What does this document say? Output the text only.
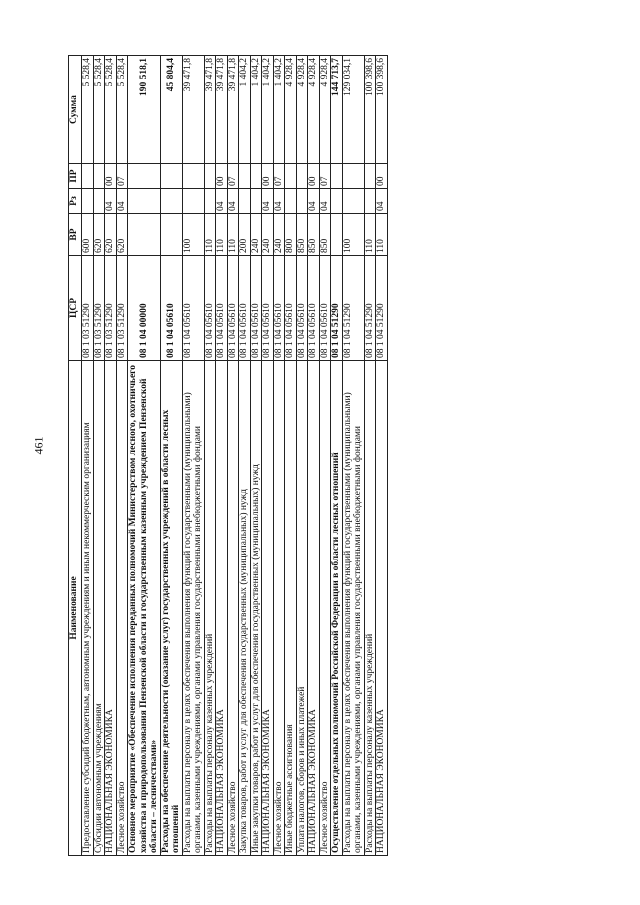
461
Наименование	ЦСР	ВР	Рз	ПР	Сумма
Предоставление субсидий бюджетным, автономным учреждениям и иным некоммерческим организациям	08 1 03 51290	600			5 528,4
Субсидии автономным учреждениям	08 1 03 51290	620			5 528,4
НАЦИОНАЛЬНАЯ ЭКОНОМИКА	08 1 03 51290	620	04	00	5 528,4
Лесное хозяйство	08 1 03 51290	620	04	07	5 528,4
Основное мероприятие «Обеспечение исполнения переданных полномочий Министерством лесного, охотничьего хозяйства и природопользования Пензенской области и государственным казенным учреждением Пензенской области – лесничествами»	08 1 04 00000				190 518,1
Расходы на обеспечение деятельности (оказание услуг) государственных учреждений в области лесных отношений	08 1 04 05610				45 804,4
Расходы на выплаты персоналу в целях обеспечения выполнения функций государственными (муниципальными) органами, казенными учреждениями, органами управления государственными внебюджетными фондами	08 1 04 05610	100			39 471,8
Расходы на выплаты персоналу казенных учреждений	08 1 04 05610	110			39 471,8
НАЦИОНАЛЬНАЯ ЭКОНОМИКА	08 1 04 05610	110	04	00	39 471,8
Лесное хозяйство	08 1 04 05610	110	04	07	39 471,8
Закупка товаров, работ и услуг для обеспечения государственных (муниципальных) нужд	08 1 04 05610	200			1 404,2
Иные закупки товаров, работ и услуг для обеспечения государственных (муниципальных) нужд	08 1 04 05610	240			1 404,2
НАЦИОНАЛЬНАЯ ЭКОНОМИКА	08 1 04 05610	240	04	00	1 404,2
Лесное хозяйство	08 1 04 05610	240	04	07	1 404,2
Иные бюджетные ассигнования	08 1 04 05610	800			4 928,4
Уплата налогов, сборов и иных платежей	08 1 04 05610	850			4 928,4
НАЦИОНАЛЬНАЯ ЭКОНОМИКА	08 1 04 05610	850	04	00	4 928,4
Лесное хозяйство	08 1 04 05610	850	04	07	4 928,4
Осуществление отдельных полномочий Российской Федерации в области лесных отношений	08 1 04 51290				144 713,7
Расходы на выплаты персоналу в целях обеспечения выполнения функций государственными (муниципальными) органами, казенными учреждениями, органами управления государственными внебюджетными фондами	08 1 04 51290	100			129 034,1
Расходы на выплаты персоналу казенных учреждений	08 1 04 51290	110			100 398,6
НАЦИОНАЛЬНАЯ ЭКОНОМИКА	08 1 04 51290	110	04	00	100 398,6
